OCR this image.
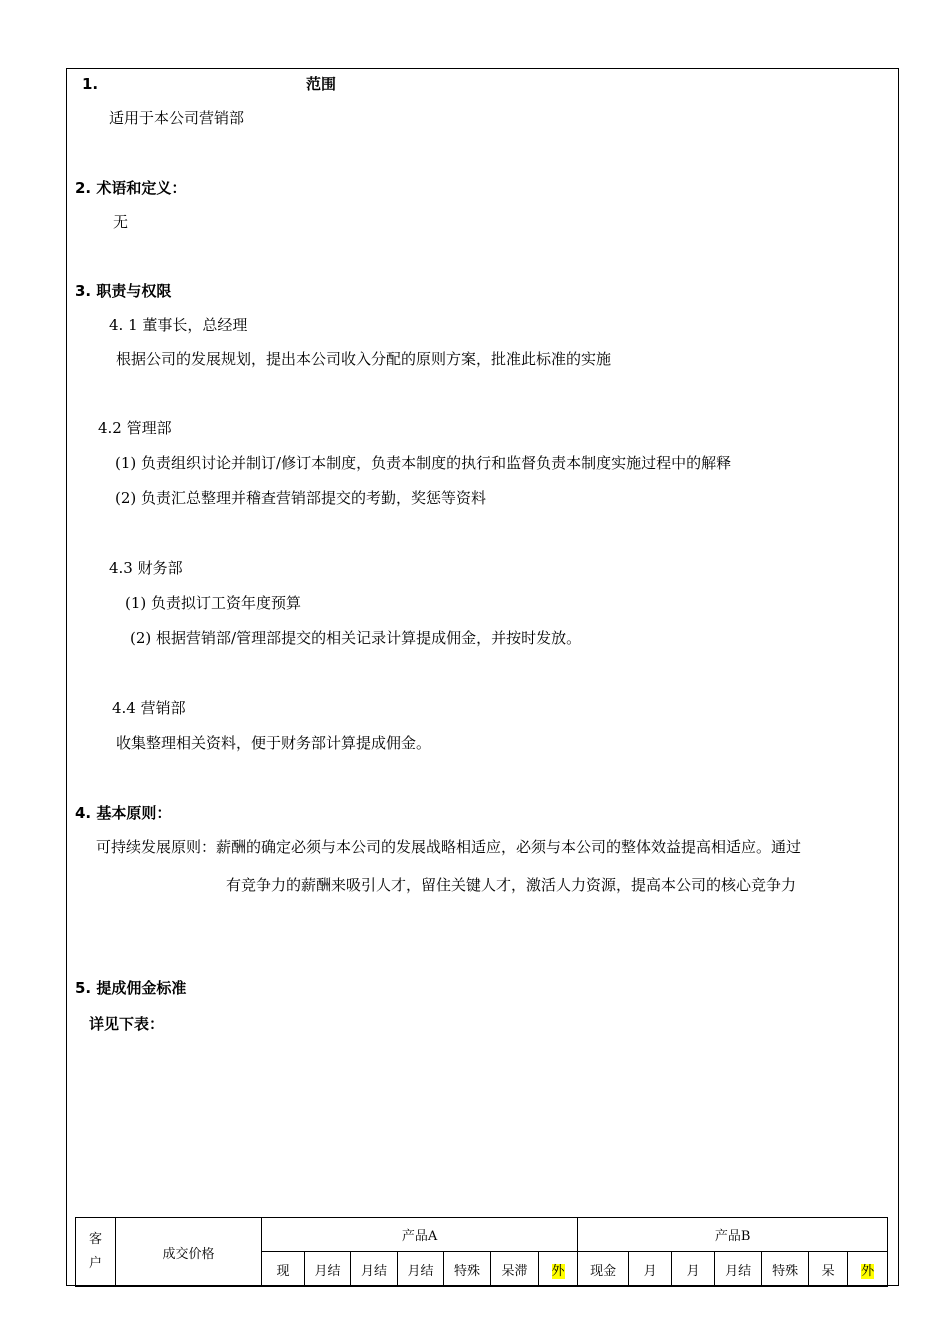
1.	范围
适用于本公司营销部
2. 术语和定义：
无
3. 职责与权限
4. 1 董事长，总经理
根据公司的发展规划，提出本公司收入分配的原则方案，批准此标准的实施
4.2 管理部
(1) 负责组织讨论并制订/修订本制度，负责本制度的执行和监督负责本制度实施过程中的解释
(2) 负责汇总整理并稽查营销部提交的考勤，奖惩等资料
4.3 财务部
(1) 负责拟订工资年度预算
(2) 根据营销部/管理部提交的相关记录计算提成佣金，并按时发放。
4.4 营销部
收集整理相关资料，便于财务部计算提成佣金。
4. 基本原则：
可持续发展原则：薪酬的确定必须与本公司的发展战略相适应，必须与本公司的整体效益提高相适应。通过
有竞争力的薪酬来吸引人才，留住关键人才，激活人力资源，提高本公司的核心竞争力
5. 提成佣金标准
详见下表：
客
户	成交价格	产品A							产品B						
		现	月结	月结	月结	特殊	呆滞	外	现金	月	月	月结	特殊	呆	外
